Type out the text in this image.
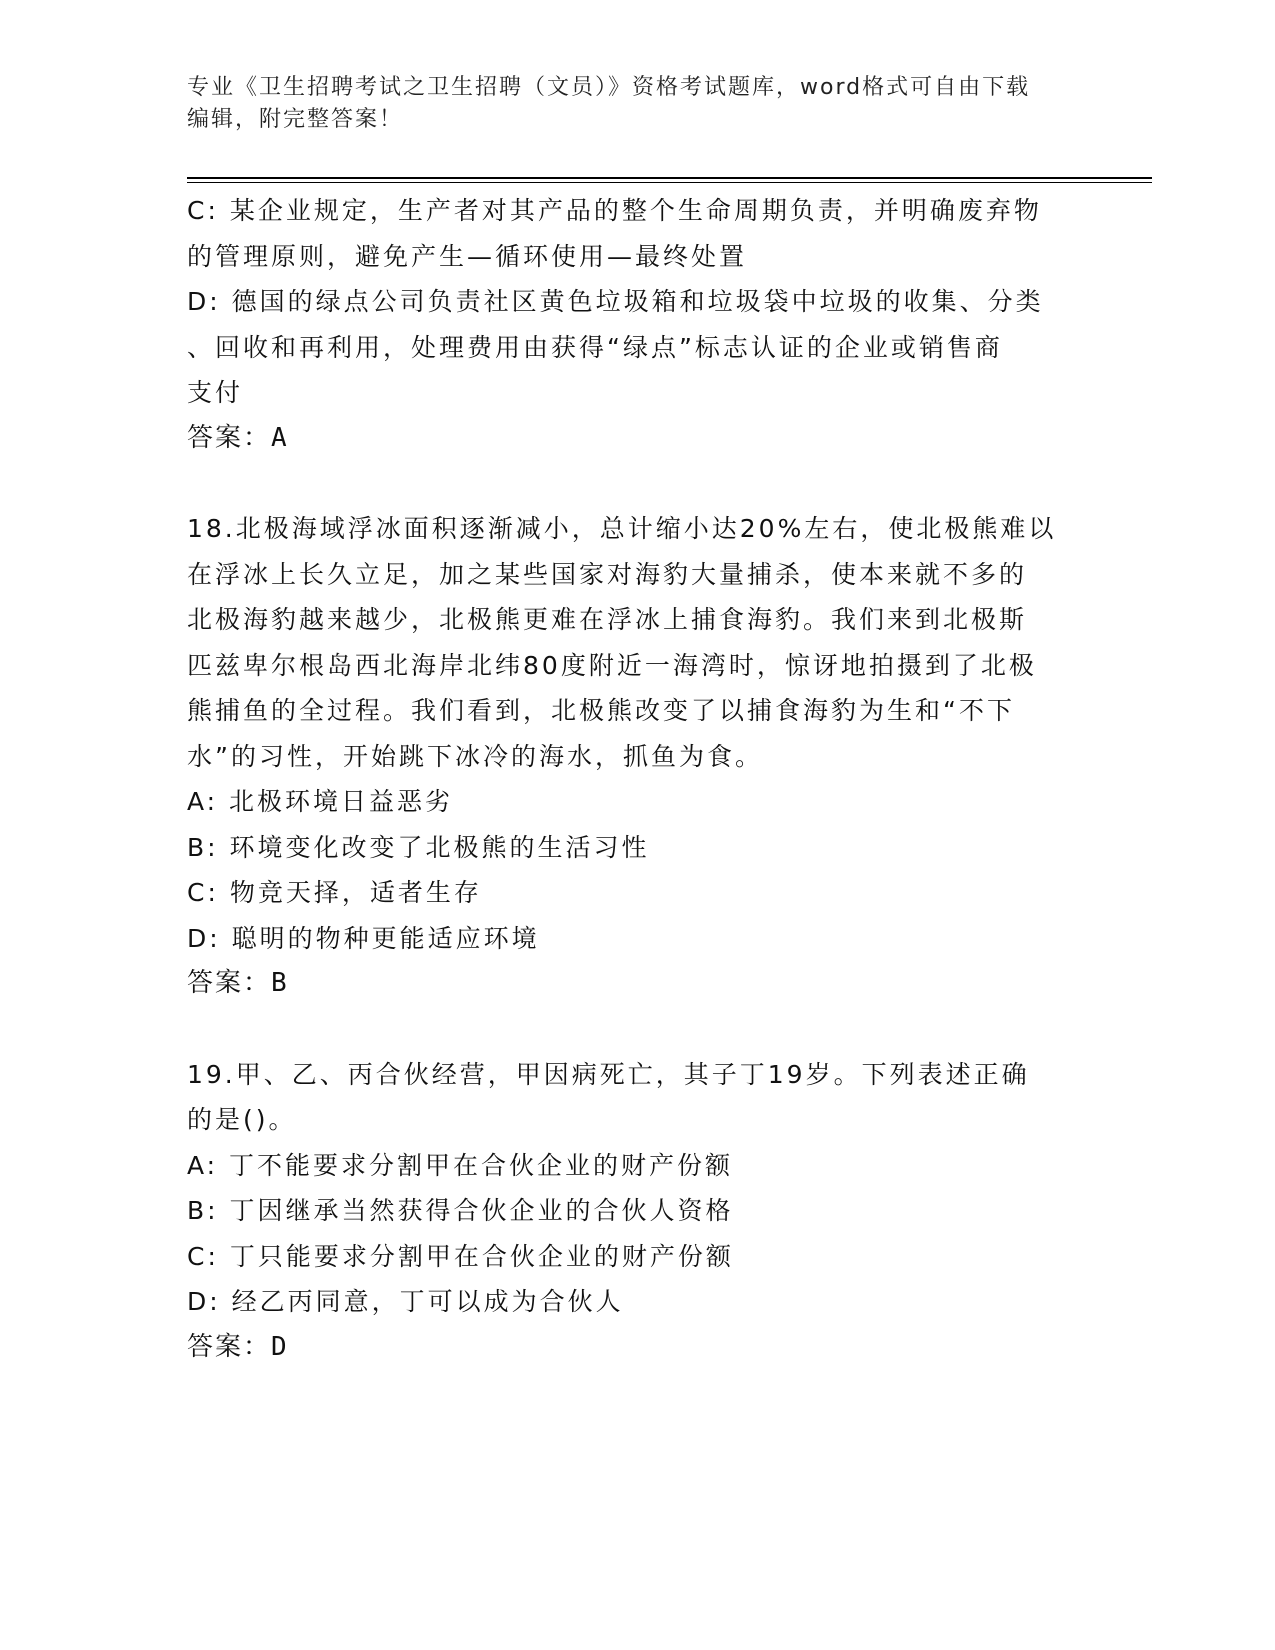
专业《卫生招聘考试之卫生招聘（文员）》资格考试题库，word格式可自由下载
编辑，附完整答案！

C: 某企业规定，生产者对其产品的整个生命周期负责，并明确废弃物

的管理原则，避免产生—循环使用—最终处置

D: 德国的绿点公司负责社区黄色垃圾箱和垃圾袋中垃圾的收集、分类

、回收和再利用，处理费用由获得“绿点”标志认证的企业或销售商

支付

答案：A

18.北极海域浮冰面积逐渐减小，总计缩小达20%左右，使北极熊难以

在浮冰上长久立足，加之某些国家对海豹大量捕杀，使本来就不多的

北极海豹越来越少，北极熊更难在浮冰上捕食海豹。我们来到北极斯

匹兹卑尔根岛西北海岸北纬80度附近一海湾时，惊讶地拍摄到了北极

熊捕鱼的全过程。我们看到，北极熊改变了以捕食海豹为生和“不下

水”的习性，开始跳下冰冷的海水，抓鱼为食。

A: 北极环境日益恶劣

B: 环境变化改变了北极熊的生活习性

C: 物竞天择，适者生存

D: 聪明的物种更能适应环境

答案：B

19.甲、乙、丙合伙经营，甲因病死亡，其子丁19岁。下列表述正确

的是()。

A: 丁不能要求分割甲在合伙企业的财产份额

B: 丁因继承当然获得合伙企业的合伙人资格

C: 丁只能要求分割甲在合伙企业的财产份额

D: 经乙丙同意，丁可以成为合伙人

答案：D
